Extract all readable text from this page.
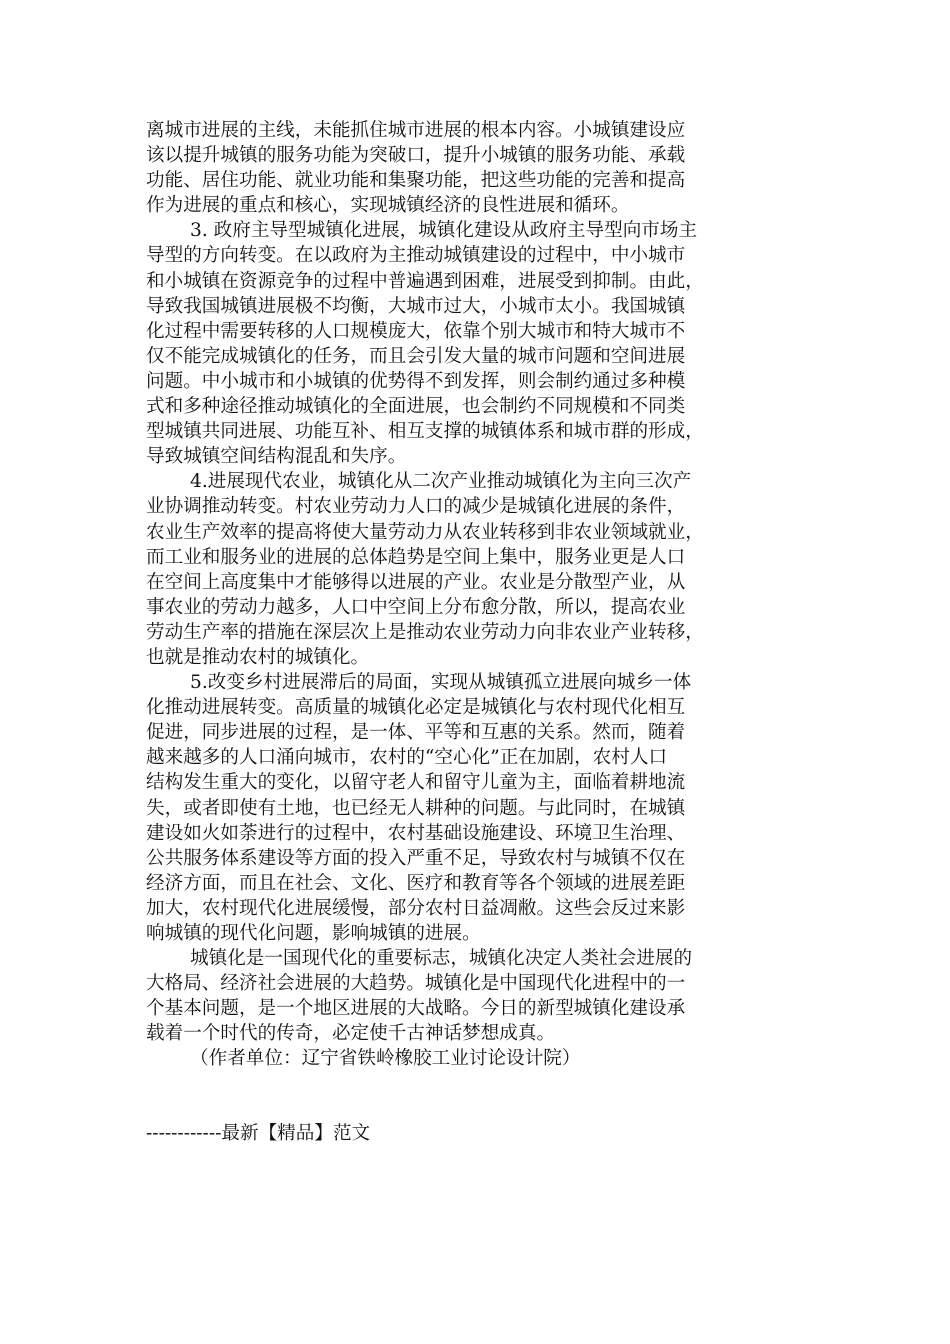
离城市进展的主线，未能抓住城市进展的根本内容。小城镇建设应
该以提升城镇的服务功能为突破口，提升小城镇的服务功能、承载
功能、居住功能、就业功能和集聚功能，把这些功能的完善和提高
作为进展的重点和核心，实现城镇经济的良性进展和循环。
3. 政府主导型城镇化进展，城镇化建设从政府主导型向市场主
导型的方向转变。在以政府为主推动城镇建设的过程中，中小城市
和小城镇在资源竞争的过程中普遍遇到困难，进展受到抑制。由此，
导致我国城镇进展极不均衡，大城市过大，小城市太小。我国城镇
化过程中需要转移的人口规模庞大，依靠个别大城市和特大城市不
仅不能完成城镇化的任务，而且会引发大量的城市问题和空间进展
问题。中小城市和小城镇的优势得不到发挥，则会制约通过多种模
式和多种途径推动城镇化的全面进展，也会制约不同规模和不同类
型城镇共同进展、功能互补、相互支撑的城镇体系和城市群的形成，
导致城镇空间结构混乱和失序。
4.进展现代农业，城镇化从二次产业推动城镇化为主向三次产
业协调推动转变。村农业劳动力人口的减少是城镇化进展的条件，
农业生产效率的提高将使大量劳动力从农业转移到非农业领域就业，
而工业和服务业的进展的总体趋势是空间上集中，服务业更是人口
在空间上高度集中才能够得以进展的产业。农业是分散型产业，从
事农业的劳动力越多，人口中空间上分布愈分散，所以，提高农业
劳动生产率的措施在深层次上是推动农业劳动力向非农业产业转移，
也就是推动农村的城镇化。
5.改变乡村进展滞后的局面，实现从城镇孤立进展向城乡一体
化推动进展转变。高质量的城镇化必定是城镇化与农村现代化相互
促进，同步进展的过程，是一体、平等和互惠的关系。然而，随着
越来越多的人口涌向城市，农村的“空心化”正在加剧，农村人口
结构发生重大的变化，以留守老人和留守儿童为主，面临着耕地流
失，或者即使有土地，也已经无人耕种的问题。与此同时，在城镇
建设如火如荼进行的过程中，农村基础设施建设、环境卫生治理、
公共服务体系建设等方面的投入严重不足，导致农村与城镇不仅在
经济方面，而且在社会、文化、医疗和教育等各个领域的进展差距
加大，农村现代化进展缓慢，部分农村日益凋敝。这些会反过来影
响城镇的现代化问题，影响城镇的进展。
城镇化是一国现代化的重要标志，城镇化决定人类社会进展的
大格局、经济社会进展的大趋势。城镇化是中国现代化进程中的一
个基本问题，是一个地区进展的大战略。今日的新型城镇化建设承
载着一个时代的传奇，必定使千古神话梦想成真。
（作者单位：辽宁省铁岭橡胶工业讨论设计院）
------------最新【精品】范文
